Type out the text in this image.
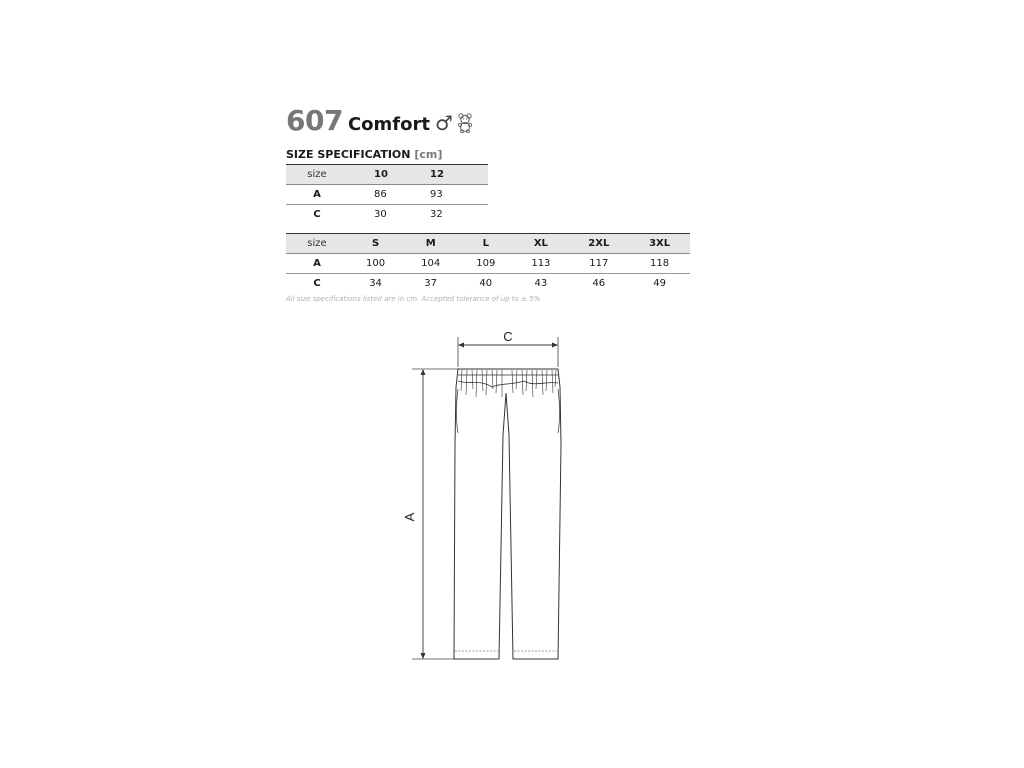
607 Comfort ♂
SIZE SPECIFICATION [cm]
size	10	12
A	86	93
C	30	32
size	S	M	L	XL	2XL	3XL
A	100	104	109	113	117	118
C	34	37	40	43	46	49
All size specifications listed are in cm. Accepted tolerance of up to ± 5%
C
A
